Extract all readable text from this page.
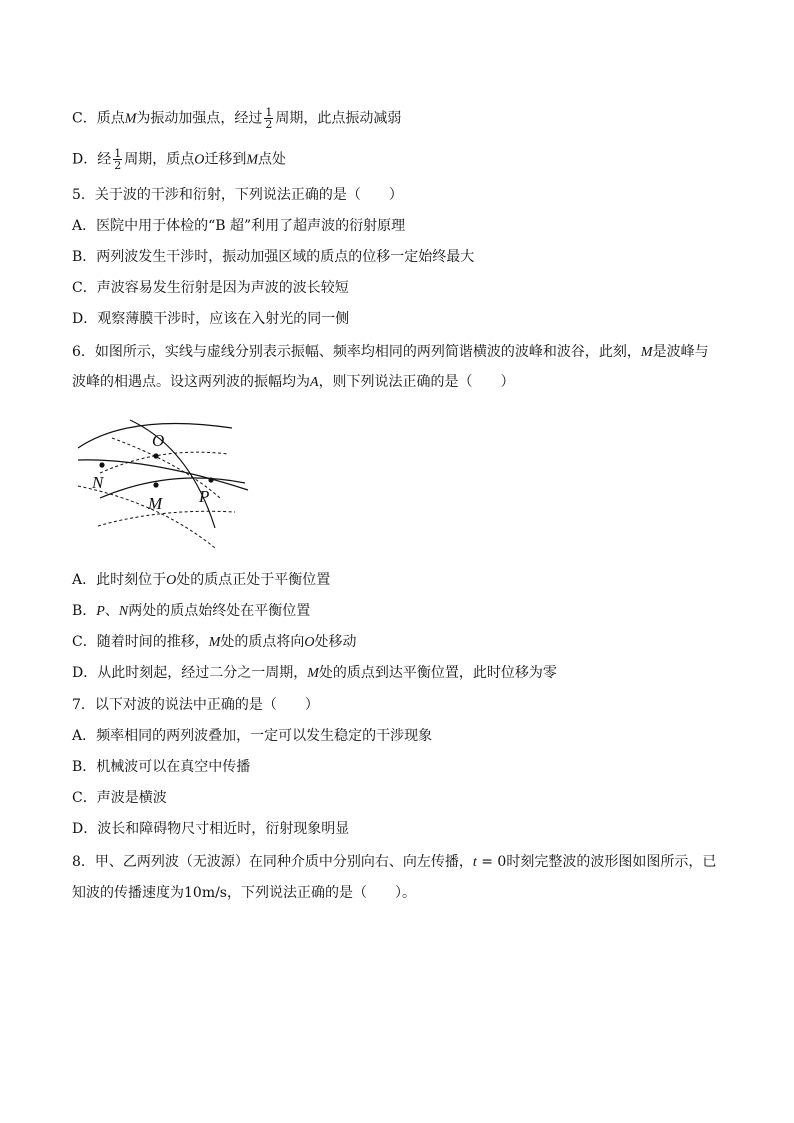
C．质点M为振动加强点，经过 $\frac{1}{2}$ 周期，此点振动减弱
D．经 $\frac{1}{2}$ 周期，质点O迁移到M点处
5．关于波的干涉和衍射，下列说法正确的是（　　）
A．医院中用于体检的“B 超”利用了超声波的衍射原理
B．两列波发生干涉时，振动加强区域的质点的位移一定始终最大
C．声波容易发生衍射是因为声波的波长较短
D．观察薄膜干涉时，应该在入射光的同一侧
6．如图所示，实线与虚线分别表示振幅、频率均相同的两列简谐横波的波峰和波谷，此刻，M是波峰与
波峰的相遇点。设这两列波的振幅均为A，则下列说法正确的是（　　）
O
N
M P
A．此时刻位于O处的质点正处于平衡位置
B．P、N两处的质点始终处在平衡位置
C．随着时间的推移，M处的质点将向O处移动
D．从此时刻起，经过二分之一周期，M处的质点到达平衡位置，此时位移为零
7．以下对波的说法中正确的是（　　）
A．频率相同的两列波叠加，一定可以发生稳定的干涉现象
B．机械波可以在真空中传播
C．声波是横波
D．波长和障碍物尺寸相近时，衍射现象明显
8．甲、乙两列波（无波源）在同种介质中分别向右、向左传播，t = 0时刻完整波的波形图如图所示，已
知波的传播速度为10m/s，下列说法正确的是（　　）。
